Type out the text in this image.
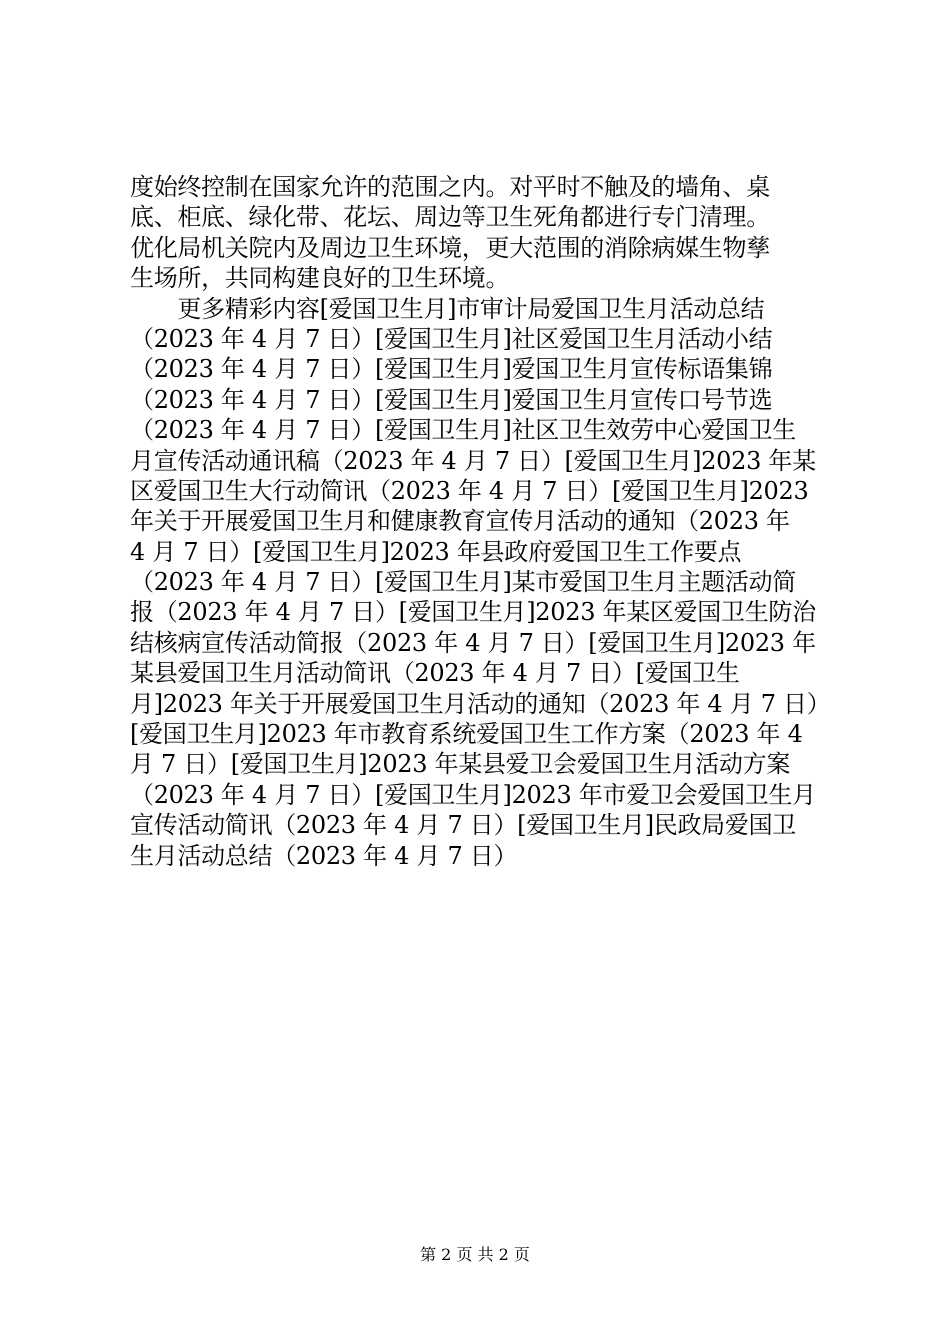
度始终控制在国家允许的范围之内。对平时不触及的墙角、桌
底、柜底、绿化带、花坛、周边等卫生死角都进行专门清理。
优化局机关院内及周边卫生环境，更大范围的消除病媒生物孳
生场所，共同构建良好的卫生环境。
　　更多精彩内容[爱国卫生月]市审计局爱国卫生月活动总结
（2023 年 4 月 7 日）[爱国卫生月]社区爱国卫生月活动小结
（2023 年 4 月 7 日）[爱国卫生月]爱国卫生月宣传标语集锦
（2023 年 4 月 7 日）[爱国卫生月]爱国卫生月宣传口号节选
（2023 年 4 月 7 日）[爱国卫生月]社区卫生效劳中心爱国卫生
月宣传活动通讯稿（2023 年 4 月 7 日）[爱国卫生月]2023 年某
区爱国卫生大行动简讯（2023 年 4 月 7 日）[爱国卫生月]2023
年关于开展爱国卫生月和健康教育宣传月活动的通知（2023 年
4 月 7 日）[爱国卫生月]2023 年县政府爱国卫生工作要点
（2023 年 4 月 7 日）[爱国卫生月]某市爱国卫生月主题活动简
报（2023 年 4 月 7 日）[爱国卫生月]2023 年某区爱国卫生防治
结核病宣传活动简报（2023 年 4 月 7 日）[爱国卫生月]2023 年
某县爱国卫生月活动简讯（2023 年 4 月 7 日）[爱国卫生
月]2023 年关于开展爱国卫生月活动的通知（2023 年 4 月 7 日）
[爱国卫生月]2023 年市教育系统爱国卫生工作方案（2023 年 4
月 7 日）[爱国卫生月]2023 年某县爱卫会爱国卫生月活动方案
（2023 年 4 月 7 日）[爱国卫生月]2023 年市爱卫会爱国卫生月
宣传活动简讯（2023 年 4 月 7 日）[爱国卫生月]民政局爱国卫
生月活动总结（2023 年 4 月 7 日）
第 2 页 共 2 页
